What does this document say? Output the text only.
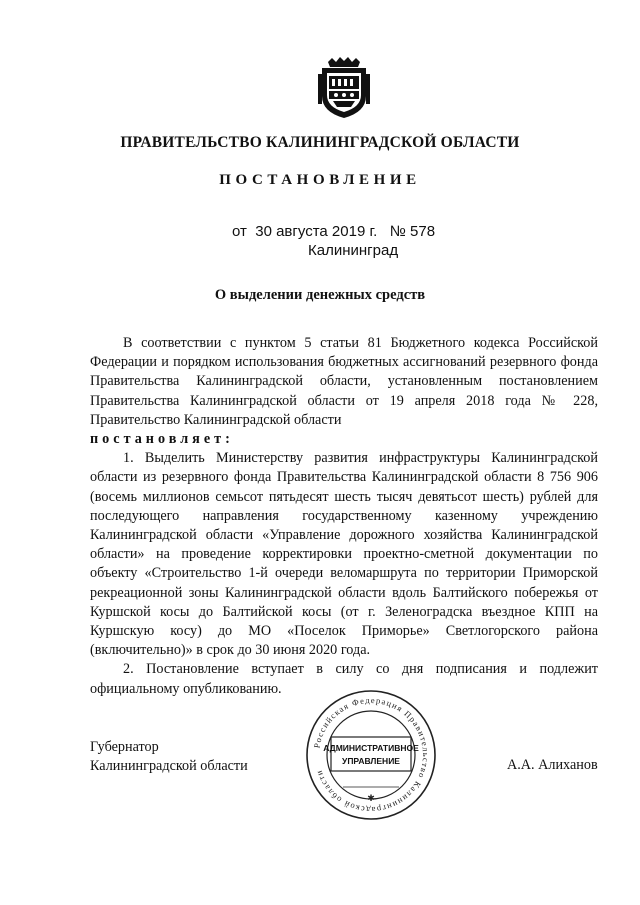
ПРАВИТЕЛЬСТВО КАЛИНИНГРАДСКОЙ ОБЛАСТИ
ПОСТАНОВЛЕНИЕ
от 30 августа 2019 г. № 578
Калининград
О выделении денежных средств

В соответствии с пунктом 5 статьи 81 Бюджетного кодекса Российской Федерации и порядком использования бюджетных ассигнований резервного фонда Правительства Калининградской области, установленным постановлением Правительства Калининградской области от 19 апреля 2018 года № 228, Правительство Калининградской области

постановляет:

1. Выделить Министерству развития инфраструктуры Калининградской области из резервного фонда Правительства Калининградской области 8 756 906 (восемь миллионов семьсот пятьдесят шесть тысяч девятьсот шесть) рублей для последующего направления государственному казенному учреждению Калининградской области «Управление дорожного хозяйства Калининградской области» на проведение корректировки проектно-сметной документации по объекту «Строительство 1-й очереди веломаршрута по территории Приморской рекреационной зоны Калининградской области вдоль Балтийского побережья от Куршской косы до Балтийской косы (от г. Зеленоградска въездное КПП на Куршскую косу) до МО «Поселок Приморье» Светлогорского района (включительно)» в срок до 30 июня 2020 года.

2. Постановление вступает в силу со дня подписания и подлежит официальному опубликованию.

Губернатор
Калининградской области	А.А. Алиханов
Российская Федерация Правительство Калининградской области
АДМИНИСТРАТИВНОЕ
УПРАВЛЕНИЕ
✱
